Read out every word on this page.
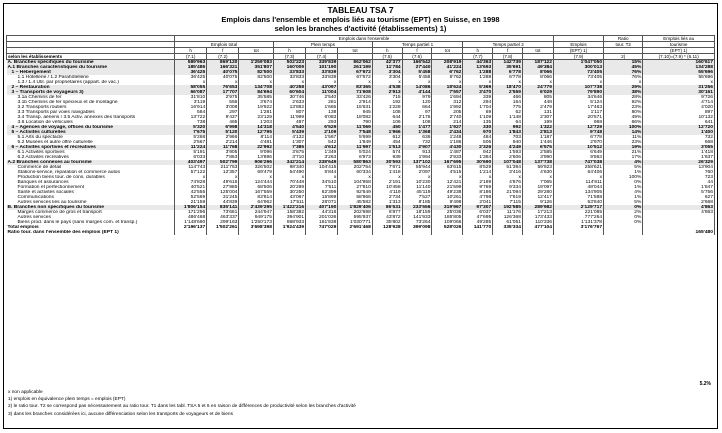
TABLEAU TSA 7
Emplois dans l'ensemble et emplois liés au tourisme (EPT) en Suisse, en 1998
selon les branches d'activité (établissements) 1)
	Emplois dans l'ensemble													Ratio	Emplois liés au
	Emplois total			Plein temps			Temps partiel 1			Temps partiel 2			Emplois	tour. T2	tourisme
	h	f	tot	h	f	tot	h	f	tot	h	f	tot	(EPT) 1)		(EPT) 1)
selon les établissements	(7.1)	(7.2)		(7.3)	(7.4)		(7.5)	(7.6)		(7.7)	(7.8)		(7.9)	2)	(7.10)=(7.9) * (6.11)
A. Branches spécifiques du tourisme	589'963	869'120	1'259'083	502'223	339'839	862'062	42'377	166'542	208'919	44'363	142'739	187'122	1'047'050	15%	160'617
A.1 Branches caractéristiques du tourisme	185'486	166'321	351'807	160'009	101'190	261'199	11'784	27'440	41'224	13'693	35'691	49'384	300'013	45%	134'288
1 – Hébergement	36'425	40'075	82'500	33'833	33'839	67'672	3'304	5'458	6'762	1'288	6'778	8'066	73'405	76%	55'696
1.1 Hôtellerie / 1.2 Parahôtellerie	36'425	40'075	82'500	33'833	33'839	67'672	3'304	5'458	6'762	1'288	6'778	8'066	73'405	76%	55'696
1.3 / 1.4 Util. par propriétaires (appart. de vac.)	x	x	x	x	x	x	x	x	x	x	x	x	x	x	x
2 – Restauration	58'055	76'653	134'708	40'258	43'097	83'365	4'538	14'086	18'624	5'369	18'470	24'779	107'738	29%	31'256
3 – Transports de voyageurs 3)	66'087	17'707	84'694	60'604	11'004	71'608	2'913	4'144	7'557	3'470	2'559	6'029	79'890	38%	30'161
3.1a Chemins de fer	31'810	2'975	35'585	30'746	2'540	33'426	715	979	1'694	339	466	805	34'646	28%	9'726
3.1b Chemins de fer spécieux et de montagne	3'119	556	3'674	2'633	281	2'914	192	120	312	294	154	448	5'124	92%	4'714
3.2 Transports routiers	16'914	3'008	19'922	13'882	1'665	15'631	1'228	664	1'992	1'704	775	2'479	17'463	23%	4'020
3.3 Transports par voies navigables	584	297	1'281	807	138	945	108	97	205	69	62	131	1'117	80%	897
3.4 Transp. aériens / 3.5 Activ. annexes des transports	13'722	9'437	23'129	11'999	6'083	18'082	644	2'176	2'740	1'109	1'148	2'307	20'571	49%	10'132
3.6 Location de véhicules	738	465	1'203	497	293	790	106	108	214	135	64	199	968	66%	641
4 – Agences de voyage, offices du tourisme	5'320	6'998	14'318	4'540	6'529	11'069	450	1'477	1'927	330	992	1'322	12'729	100%	12'720
5 – Activités culturelles	7'675	5'120	12'795	5'439	2'109	7'548	1'966	1'368	2'434	970	1'843	2'813	9'748	14%	1'400
5.1 Arts du spectacle	5'268	2'966	8'114	4'132	1'567	5'699	612	636	1'248	484	703	1'187	6'778	11%	732
5.2 Musées et autre offre culturelle	2'567	2'214	4'481	1'307	542	1'849	454	732	1'186	506	940	1'446	2'970	23%	668
6 – Activités sportives et récréatives	11'224	11'768	22'992	7'385	4'612	11'997	1'513	2'907	4'430	2'326	4'249	6'575	10'512	19%	3'055
6.1 Activités sportives	5'191	3'905	9'096	3'675	1'349	5'024	574	913	1'487	942	1'593	2'585	6'649	21%	1'418
6.2 Activités récréatives	6'033	7'863	13'896	3'710	3'263	6'973	939	1'994	2'933	1'384	2'606	3'990	9'863	17%	1'637
A.2 Branches connexes au tourisme	403'497	502'799	906'296	342'214	238'649	580'863	30'593	137'102	167'695	30'690	107'048	137'738	747'038	4%	26'329
Commerce de détail	114'743	211'753	326'502	98'340	104'415	202'754	7'671	55'944	63'615	8'529	51'394	59'923	258'621	5%	13'904
Stations-service, réparation et commerce autos	57'122	12'357	69'479	54'490	5'844	60'334	1'418	2'097	4'515	1'214	3'416	4'630	64'406	1%	760
Production biens tour. de cons. durables	x	x	x	x	x	x	x	x	x	x	x	x	x	100%	723
Banques et assurances	74'828	49'616	124'444	70'448	34'510	104'958	2'191	10'230	12'421	2'189	4'876	7'065	114'911	0%	44
Formation et perfectionnement	40'521	27'985	68'506	20'299	7'511	27'810	10'458	11'140	21'599	9'769	9'334	19'097	48'044	1%	1'847
Santé et activités sociales	42'555	125'004	167'559	30'250	62'399	92'649	4'119	45'119	49'238	8'186	21'094	29'280	134'905	4%	5'756
Communications	52'569	31'245	83'814	43'067	15'899	58'966	2'734	7'527	10'261	4'798	7'619	12'417	71'588	1%	627
Autres services liés au tourisme	21'159	44'839	64'962	17'511	28'071	45'582	1'313	8'185	9'498	2'041	7'115	9'126	53'840	5%	2'668
B. Branches non spécifiques du tourisme	1'806'154	835'141	2'439'295	1'422'216	407'190	1'829'406	86'531	233'556	319'967	97'307	192'585	289'982	2'129'717	0%	4'863
Marges commerce de gros et transport	171'296	73'661	244'947	158'382	44'316	202'698	6'877	18'159	25'036	6'037	11'176	17'213	221'085	2%	4'863
Autres services	486'468	463'337	949'175	394'901	201'036	595'937	43'872	141'933	185'805	47'695	126'368	173'433	777'264	0%	
Biens prod. dans le pays (sans marges com. et transp.)	1'148'690	299'163	1'250'173	868'933	161'838	1'030'771	35'802	73'264	109'066	49'285	61'051	110'336	1'131'378	0%	
Total emplois	2'196'137	1'502'261	3'698'398	1'924'439	747'029	2'691'468	128'928	399'098	528'026	141'770	335'334	477'104	3'176'767		
Ratio tour. dans l'ensemble des emplois (EPT 1)															165'480
5.2%
x non applicable
1) emplois en équivalence plein temps = emplois (EPT)
2) le ratio tour. T2 se correspond pas nécessairement au ratio tour. T1 dans les tabl. TSA 5 et 6 en raison de différences de productivité selon les branches d'activité
3) dans les branches considérées ici, aucune différenciation selon les transports de voyageurs et de biens
